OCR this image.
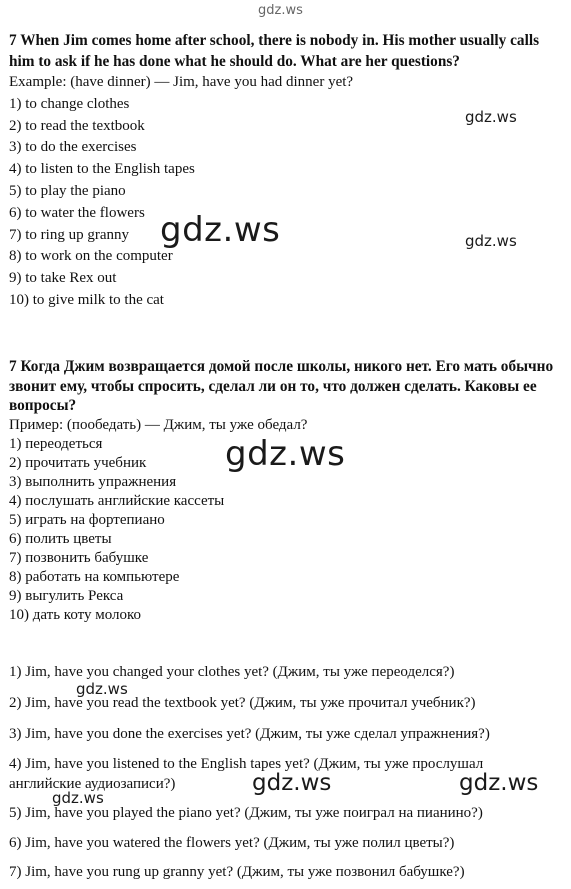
gdz.ws
gdz.ws
gdz.ws	gdz.ws
gdz.ws
gdz.ws
gdz.ws	gdz.ws
gdz.ws
7 When Jim comes home after school, there is nobody in. His mother usually calls him to ask if he has done what he should do. What are her questions?
Example: (have dinner) — Jim, have you had dinner yet?
1) to change clothes
2) to read the textbook
3) to do the exercises
4) to listen to the English tapes
5) to play the piano
6) to water the flowers
7) to ring up granny
8) to work on the computer
9) to take Rex out
10) to give milk to the cat
7 Когда Джим возвращается домой после школы, никого нет. Его мать обычно звонит ему, чтобы спросить, сделал ли он то, что должен сделать. Каковы ее вопросы?
Пример: (пообедать) — Джим, ты уже обедал?
1) переодеться
2) прочитать учебник
3) выполнить упражнения
4) послушать английские кассеты
5) играть на фортепиано
6) полить цветы
7) позвонить бабушке
8) работать на компьютере
9) выгулить Рекса
10) дать коту молоко
1) Jim, have you changed your clothes yet? (Джим, ты уже переоделся?)
2) Jim, have you read the textbook yet? (Джим, ты уже прочитал учебник?)
3) Jim, have you done the exercises yet? (Джим, ты уже сделал упражнения?)
4) Jim, have you listened to the English tapes yet? (Джим, ты уже прослушал английские аудиозаписи?)
5) Jim, have you played the piano yet? (Джим, ты уже поиграл на пианино?)
6) Jim, have you watered the flowers yet? (Джим, ты уже полил цветы?)
7) Jim, have you rung up granny yet? (Джим, ты уже позвонил бабушке?)
